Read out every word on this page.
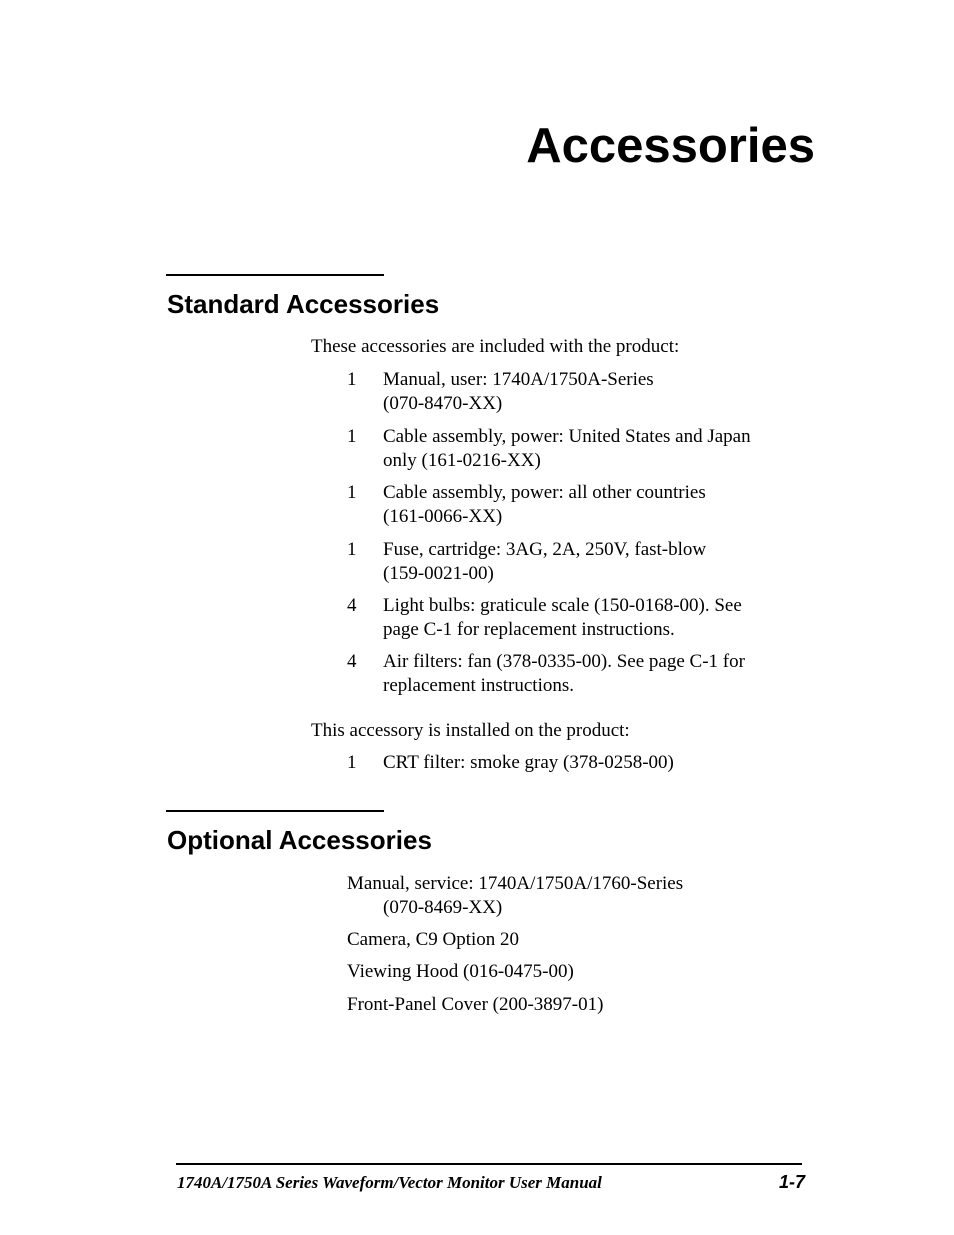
Accessories
Standard Accessories

These accessories are included with the product:

1	Manual, user: 1740A/1750A-Series
(070-8470-XX)
1	Cable assembly, power: United States and Japan
only (161-0216-XX)
1	Cable assembly, power: all other countries
(161-0066-XX)
1	Fuse, cartridge: 3AG, 2A, 250V, fast-blow
(159-0021-00)
4	Light bulbs: graticule scale (150-0168-00). See
page C-1 for replacement instructions.
4	Air filters: fan (378-0335-00). See page C-1 for
replacement instructions.

This accessory is installed on the product:

1	CRT filter: smoke gray (378-0258-00)
Optional Accessories
Manual, service: 1740A/1750A/1760-Series
(070-8469-XX)
Camera, C9 Option 20
Viewing Hood (016-0475-00)
Front-Panel Cover (200-3897-01)
1740A/1750A Series Waveform/Vector Monitor User Manual	1-7
